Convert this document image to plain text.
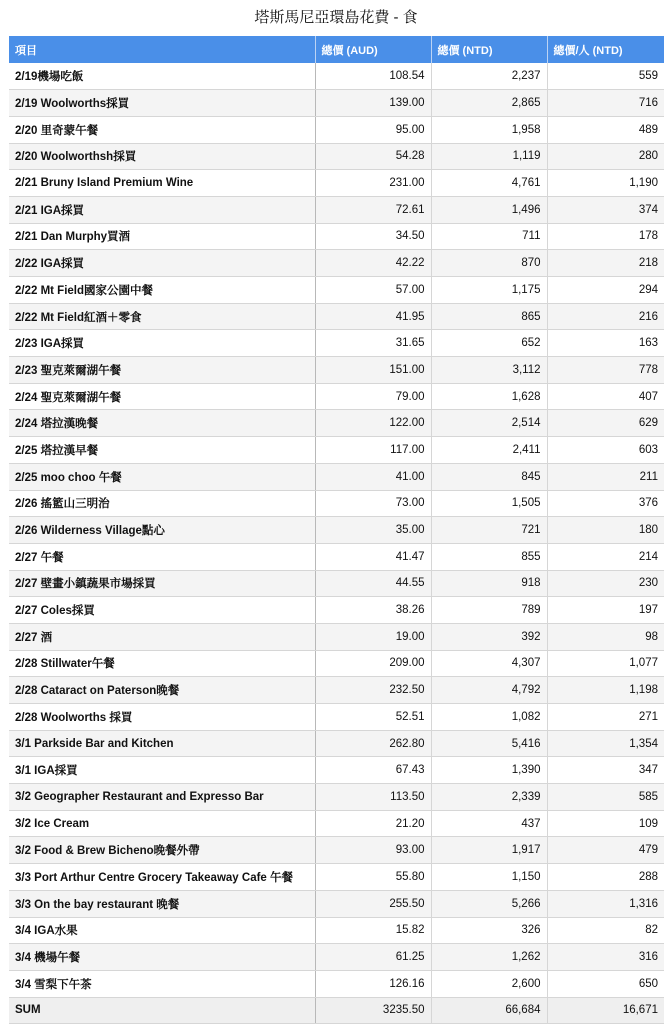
塔斯馬尼亞環島花費 - 食
項目	總價 (AUD)	總價 (NTD)	總價/人 (NTD)
2/19機場吃飯	108.54	2,237	559
2/19 Woolworths採買	139.00	2,865	716
2/20 里奇蒙午餐	95.00	1,958	489
2/20 Woolworthsh採買	54.28	1,119	280
2/21 Bruny Island Premium Wine	231.00	4,761	1,190
2/21 IGA採買	72.61	1,496	374
2/21 Dan Murphy買酒	34.50	711	178
2/22 IGA採買	42.22	870	218
2/22 Mt Field國家公園中餐	57.00	1,175	294
2/22 Mt Field紅酒＋零食	41.95	865	216
2/23 IGA採買	31.65	652	163
2/23 聖克萊爾湖午餐	151.00	3,112	778
2/24 聖克萊爾湖午餐	79.00	1,628	407
2/24 塔拉漢晚餐	122.00	2,514	629
2/25 塔拉漢早餐	117.00	2,411	603
2/25 moo choo 午餐	41.00	845	211
2/26 搖籃山三明治	73.00	1,505	376
2/26 Wilderness Village點心	35.00	721	180
2/27 午餐	41.47	855	214
2/27 壁畫小鎮蔬果市場採買	44.55	918	230
2/27 Coles採買	38.26	789	197
2/27 酒	19.00	392	98
2/28 Stillwater午餐	209.00	4,307	1,077
2/28 Cataract on Paterson晚餐	232.50	4,792	1,198
2/28 Woolworths 採買	52.51	1,082	271
3/1 Parkside Bar and Kitchen	262.80	5,416	1,354
3/1 IGA採買	67.43	1,390	347
3/2 Geographer Restaurant and Expresso Bar	113.50	2,339	585
3/2 Ice Cream	21.20	437	109
3/2 Food & Brew Bicheno晚餐外帶	93.00	1,917	479
3/3 Port Arthur Centre Grocery Takeaway Cafe 午餐	55.80	1,150	288
3/3 On the bay restaurant 晚餐	255.50	5,266	1,316
3/4 IGA水果	15.82	326	82
3/4 機場午餐	61.25	1,262	316
3/4 雪梨下午茶	126.16	2,600	650
SUM	3235.50	66,684	16,671
